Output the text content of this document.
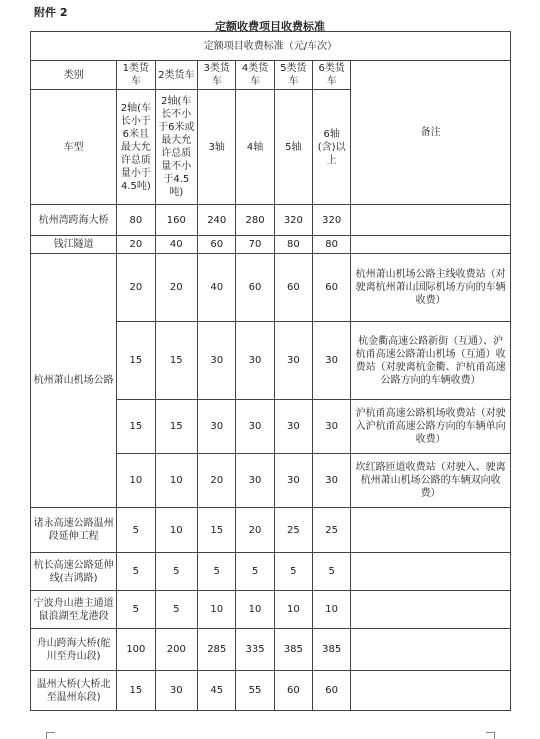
附件 2
定额收费项目收费标准
定额项目收费标准（元/车次）							
类别	1类货车	2类货车	3类货车	4类货车	5类货车	6类货车	备注
车型	2轴(车长小于6米且最大允许总质量小于4.5吨)	2轴(车长不小于6米或最大允许总质量不小于4.5吨)	3轴	4轴	5轴	6轴(含)以上	
杭州湾跨海大桥	80	160	240	280	320	320	
钱江隧道	20	40	60	70	80	80	
杭州萧山机场公路	20	20	40	60	60	60	杭州萧山机场公路主线收费站（对驶离杭州萧山国际机场方向的车辆收费）
	15	15	30	30	30	30	杭金衢高速公路新街（互通）、沪杭甬高速公路萧山机场（互通）收费站（对驶离杭金衢、沪杭甬高速公路方向的车辆收费）
	15	15	30	30	30	30	沪杭甬高速公路机场收费站（对驶入沪杭甬高速公路方向的车辆单向收费）
	10	10	20	30	30	30	坎红路匝道收费站（对驶入、驶离杭州萧山机场公路的车辆双向收费）
诸永高速公路温州段延伸工程	5	10	15	20	25	25	
杭长高速公路延伸线(吉鸿路)	5	5	5	5	5	5	
宁波舟山港主通道鼠浪湖至龙港段	5	5	10	10	10	10	
舟山跨海大桥(舵川至舟山段)	100	200	285	335	385	385	
温州大桥(大桥北至温州东段)	15	30	45	55	60	60	
